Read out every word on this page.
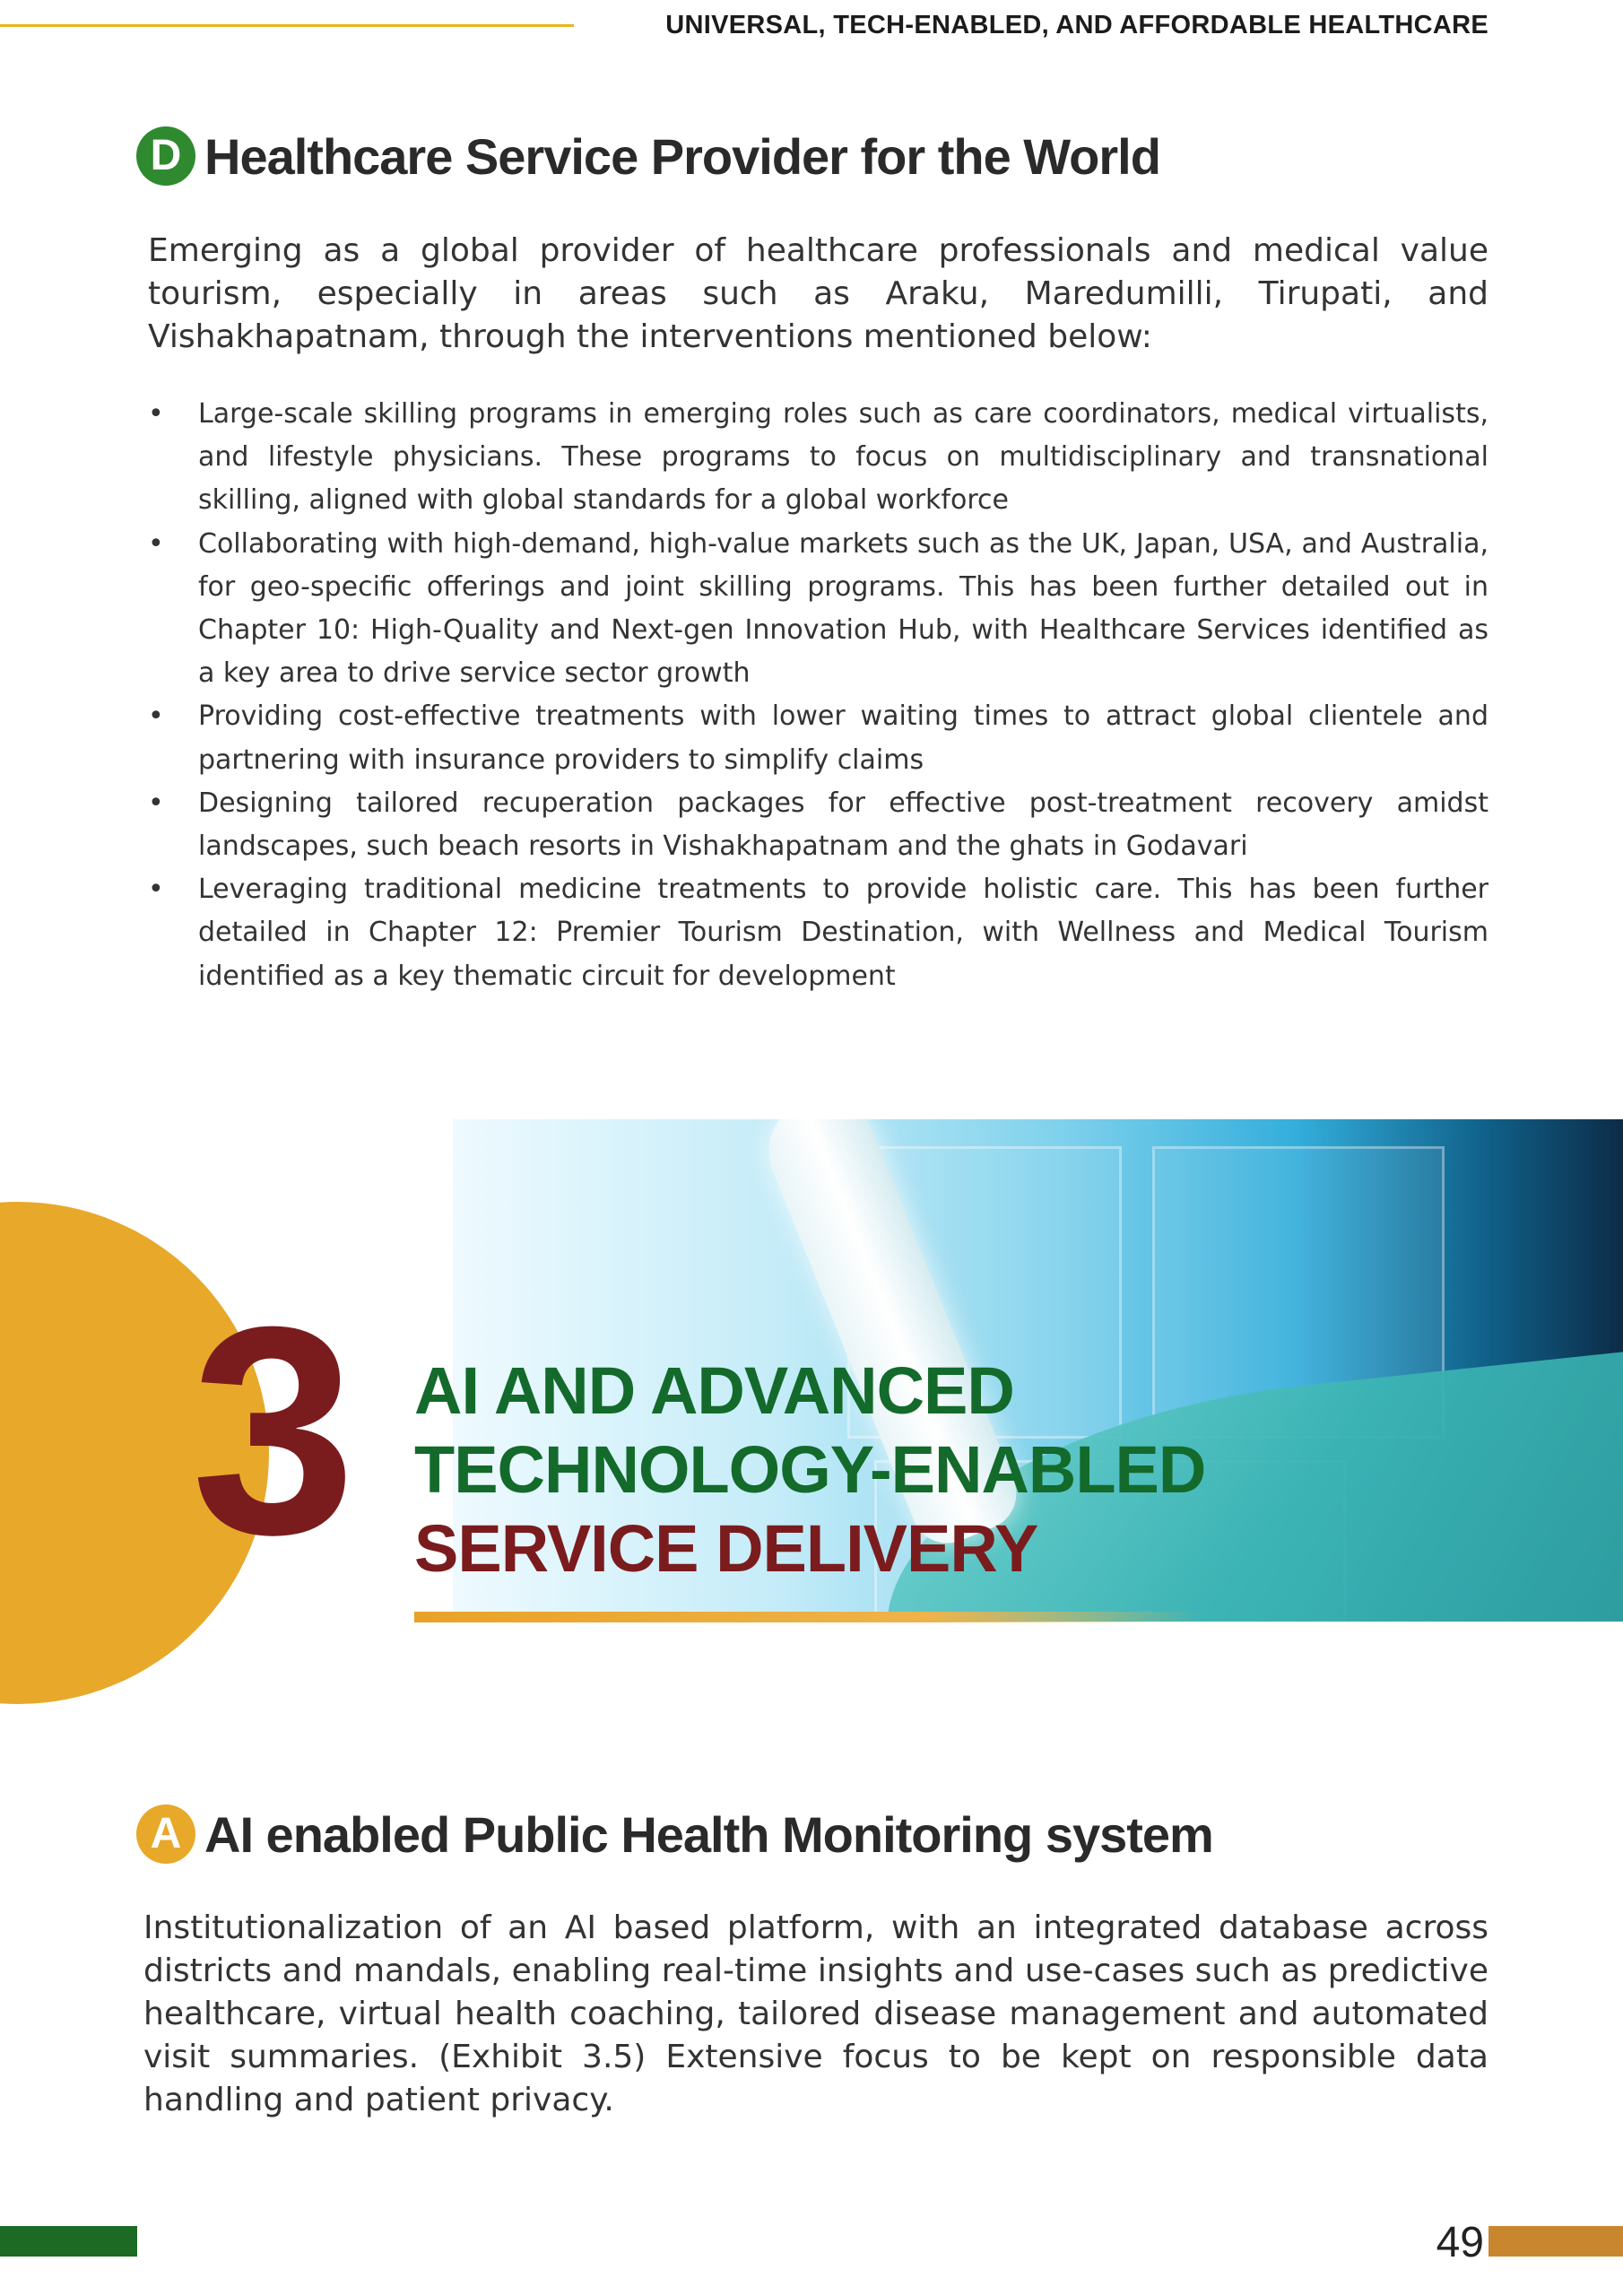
UNIVERSAL, TECH-ENABLED, AND AFFORDABLE HEALTHCARE
D Healthcare Service Provider for the World

Emerging as a global provider of healthcare professionals and medical value tourism, especially in areas such as Araku, Maredumilli, Tirupati, and Vishakhapatnam, through the interventions mentioned below:

• Large-scale skilling programs in emerging roles such as care coordinators, medical virtualists, and lifestyle physicians. These programs to focus on multidisciplinary and transnational skilling, aligned with global standards for a global workforce
• Collaborating with high-demand, high-value markets such as the UK, Japan, USA, and Australia, for geo-specific offerings and joint skilling programs. This has been further detailed out in Chapter 10: High-Quality and Next-gen Innovation Hub, with Healthcare Services identified as a key area to drive service sector growth
• Providing cost-effective treatments with lower waiting times to attract global clientele and partnering with insurance providers to simplify claims
• Designing tailored recuperation packages for effective post-treatment recovery amidst landscapes, such beach resorts in Vishakhapatnam and the ghats in Godavari
• Leveraging traditional medicine treatments to provide holistic care. This has been further detailed in Chapter 12: Premier Tourism Destination, with Wellness and Medical Tourism identified as a key thematic circuit for development
3 AI AND ADVANCED
TECHNOLOGY-ENABLED
SERVICE DELIVERY
A AI enabled Public Health Monitoring system

Institutionalization of an AI based platform, with an integrated database across districts and mandals, enabling real-time insights and use-cases such as predictive healthcare, virtual health coaching, tailored disease management and automated visit summaries. (Exhibit 3.5) Extensive focus to be kept on responsible data handling and patient privacy.

49
